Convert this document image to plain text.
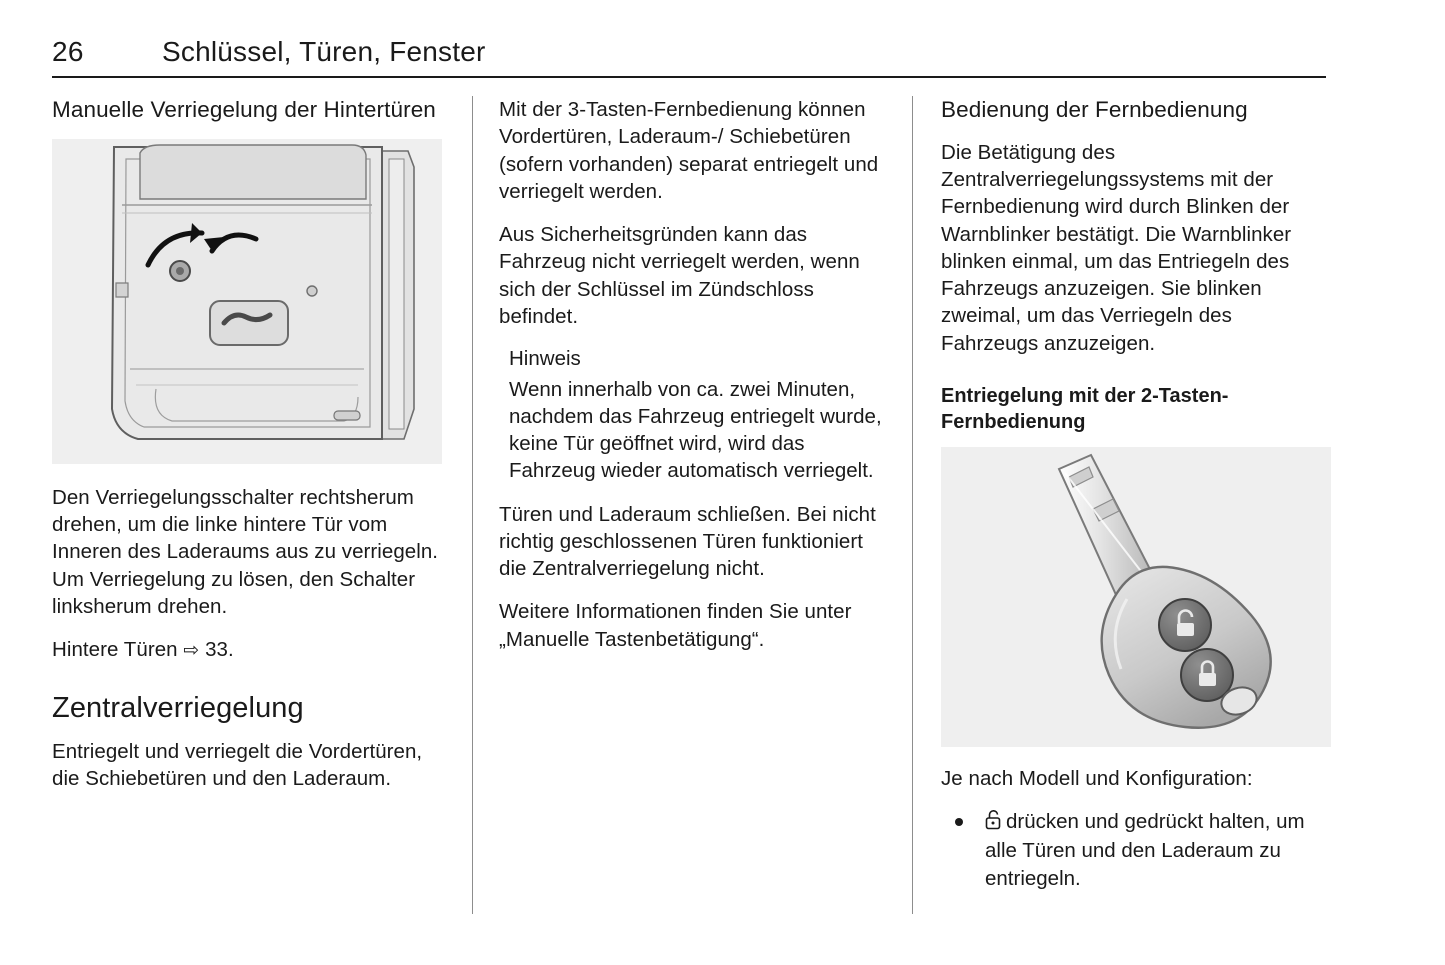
26	Schlüssel, Türen, Fenster
Manuelle Verriegelung der Hintertüren

Den Verriegelungsschalter rechtsherum drehen, um die linke hintere Tür vom Inneren des Laderaums aus zu verriegeln. Um Verriegelung zu lösen, den Schalter linksherum drehen.

Hintere Türen ⇨ 33.

Zentralverriegelung

Entriegelt und verriegelt die Vordertüren, die Schiebetüren und den Laderaum.

Mit der 3-Tasten-Fernbedienung können Vordertüren, Laderaum-/ Schiebetüren (sofern vorhanden) separat entriegelt und verriegelt werden.

Aus Sicherheitsgründen kann das Fahrzeug nicht verriegelt werden, wenn sich der Schlüssel im Zündschloss befindet.

Hinweis
Wenn innerhalb von ca. zwei Minuten, nachdem das Fahrzeug entriegelt wurde, keine Tür geöffnet wird, wird das Fahrzeug wieder automatisch verriegelt.

Türen und Laderaum schließen. Bei nicht richtig geschlossenen Türen funktioniert die Zentralverriegelung nicht.

Weitere Informationen finden Sie unter „Manuelle Tastenbetätigung“.

Bedienung der Fernbedienung

Die Betätigung des Zentralverriegelungssystems mit der Fernbedienung wird durch Blinken der Warnblinker bestätigt. Die Warnblinker blinken einmal, um das Entriegeln des Fahrzeugs anzuzeigen. Sie blinken zweimal, um das Verriegeln des Fahrzeugs anzuzeigen.

Entriegelung mit der 2-Tasten-Fernbedienung

Je nach Modell und Konfiguration:

drücken und gedrückt halten, um alle Türen und den Laderaum zu entriegeln.
